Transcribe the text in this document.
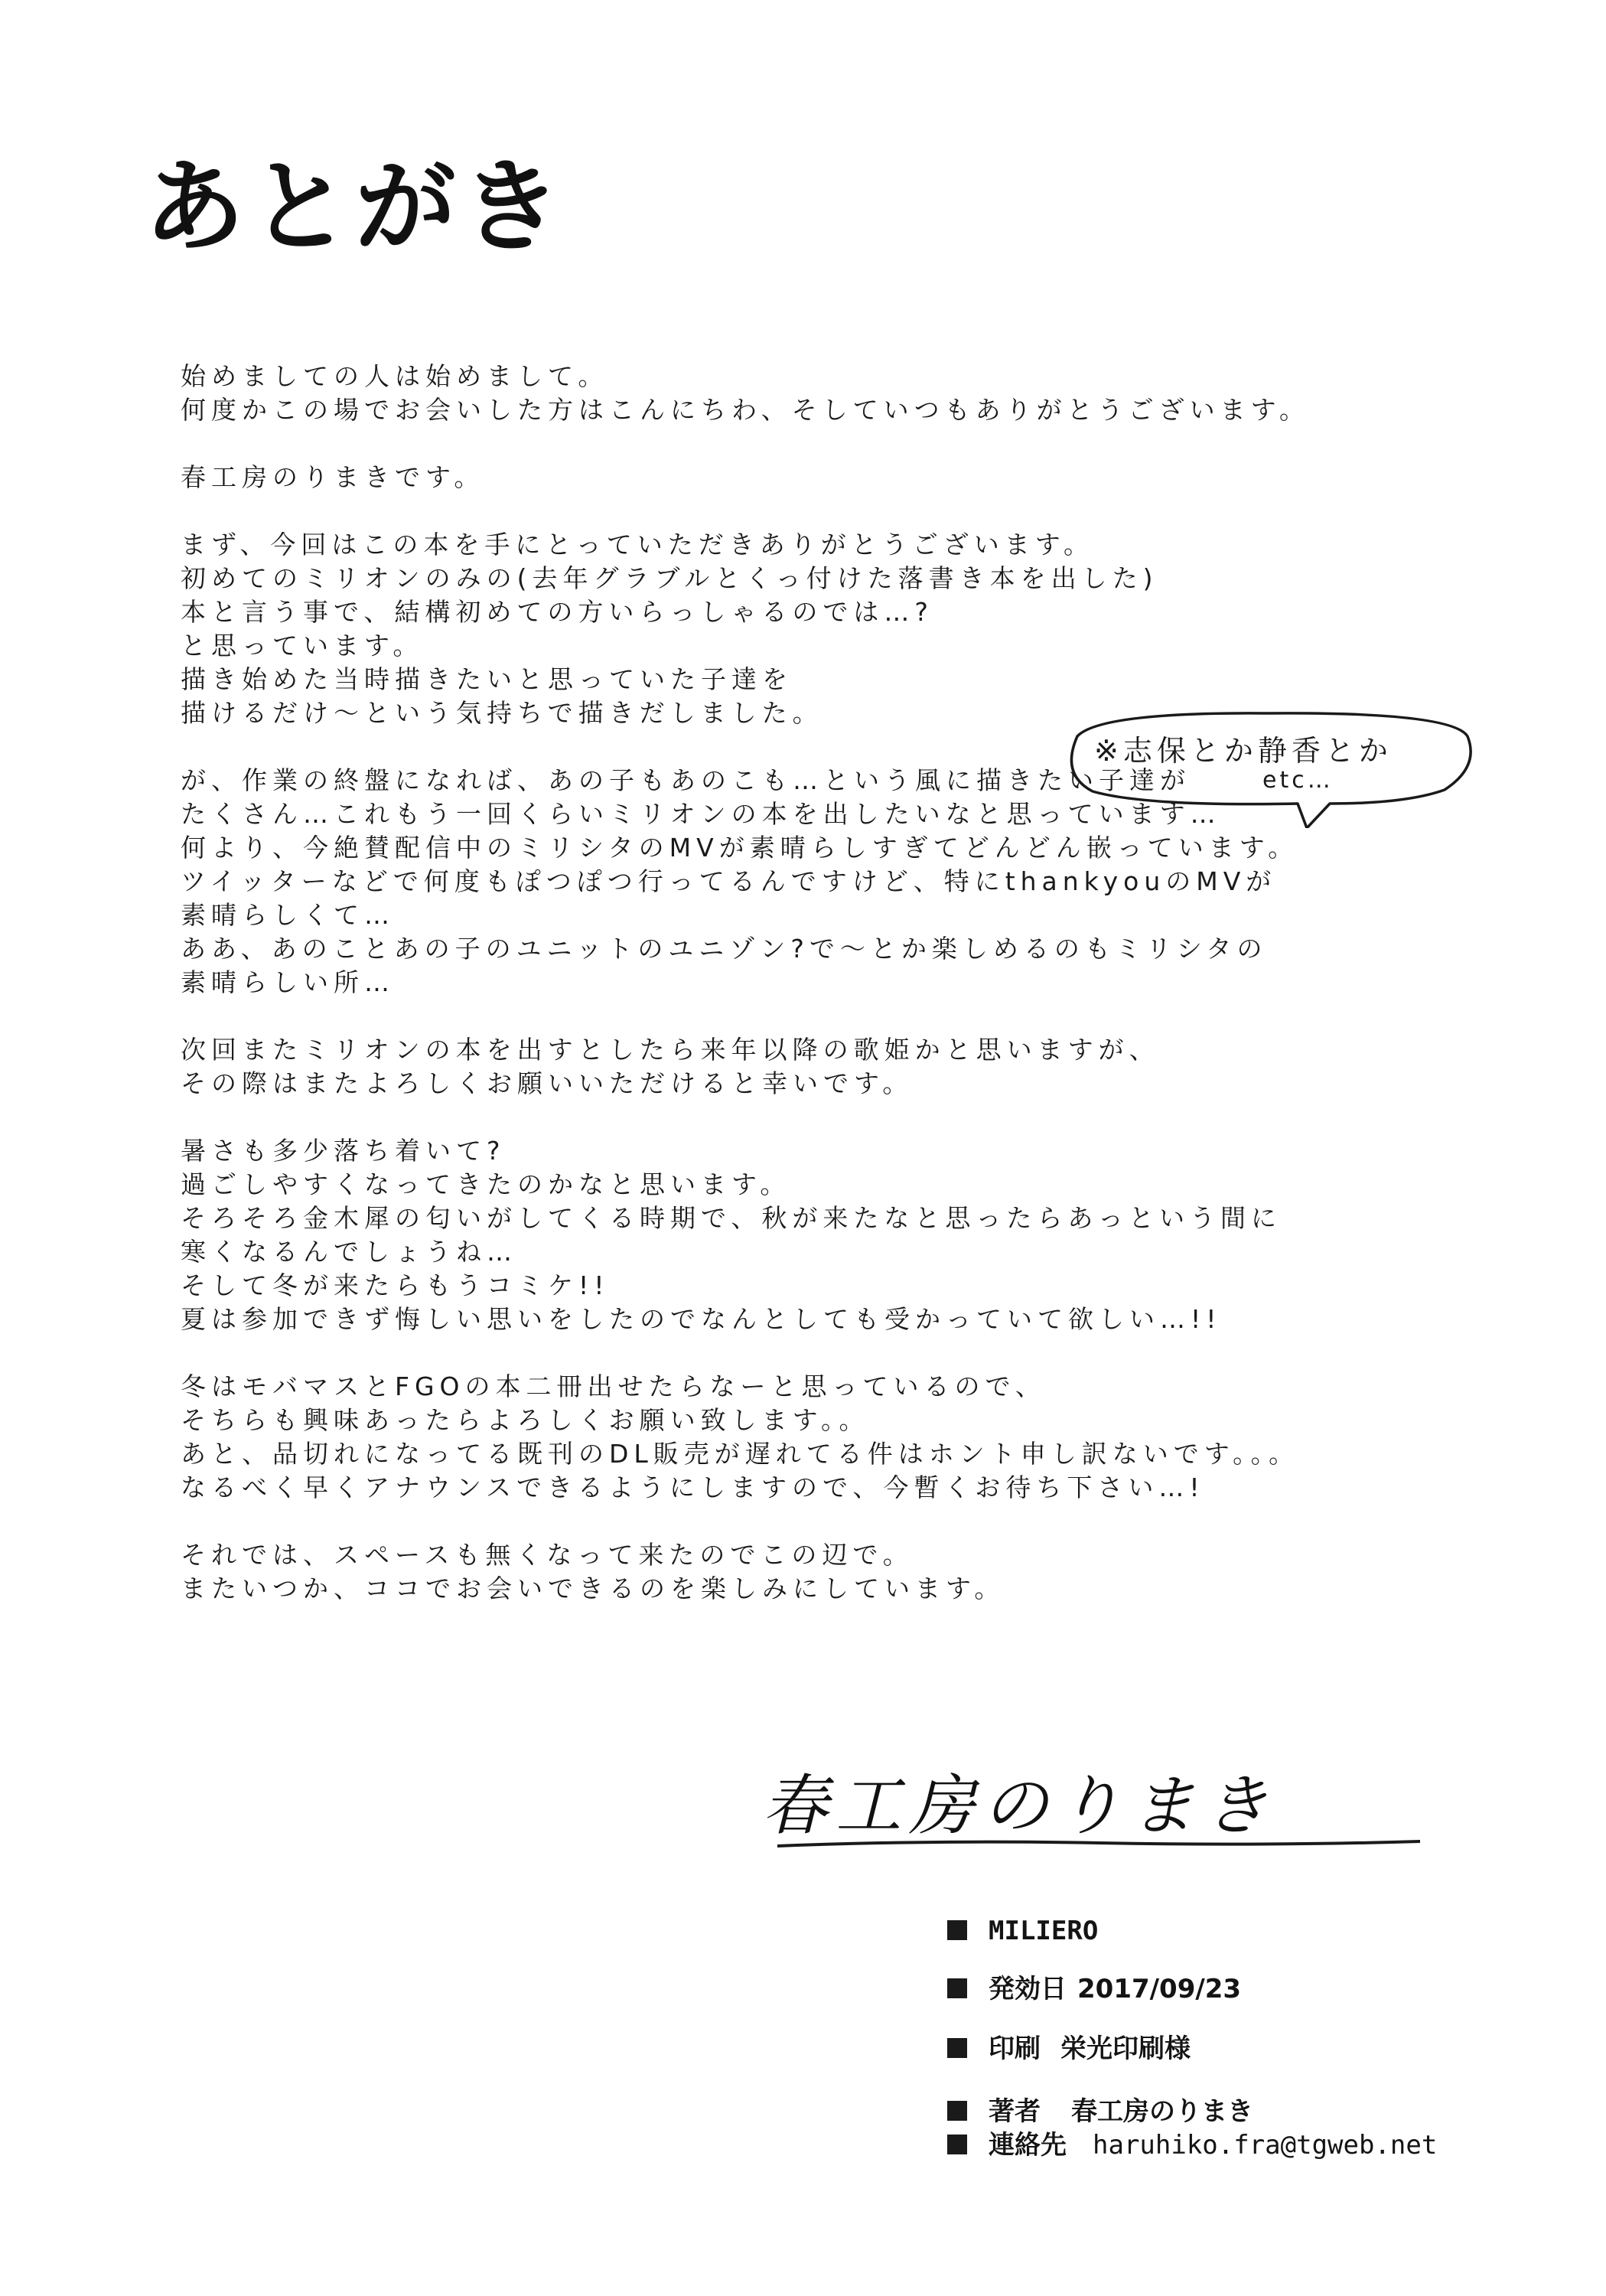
あとがき
始めましての人は始めまして。
何度かこの場でお会いした方はこんにちわ、そしていつもありがとうございます。
春工房のりまきです。
まず、今回はこの本を手にとっていただきありがとうございます。
初めてのミリオンのみの(去年グラブルとくっ付けた落書き本を出した)
本と言う事で、結構初めての方いらっしゃるのでは…?
と思っています。
描き始めた当時描きたいと思っていた子達を
描けるだけ〜という気持ちで描きだしました。
が、作業の終盤になれば、あの子もあのこも…という風に描きたい子達が
たくさん…これもう一回くらいミリオンの本を出したいなと思っています…
何より、今絶賛配信中のミリシタのMVが素晴らしすぎてどんどん嵌っています。
ツイッターなどで何度もぽつぽつ行ってるんですけど、特にthankyouのMVが
素晴らしくて…
ああ、あのことあの子のユニットのユニゾン?で〜とか楽しめるのもミリシタの
素晴らしい所…
次回またミリオンの本を出すとしたら来年以降の歌姫かと思いますが、
その際はまたよろしくお願いいただけると幸いです。
暑さも多少落ち着いて?
過ごしやすくなってきたのかなと思います。
そろそろ金木犀の匂いがしてくる時期で、秋が来たなと思ったらあっという間に
寒くなるんでしょうね…
そして冬が来たらもうコミケ!!
夏は参加できず悔しい思いをしたのでなんとしても受かっていて欲しい…!!
冬はモバマスとFGOの本二冊出せたらなーと思っているので、
そちらも興味あったらよろしくお願い致します。。
あと、品切れになってる既刊のDL販売が遅れてる件はホント申し訳ないです。。。
なるべく早くアナウンスできるようにしますので、今暫くお待ち下さい…!
それでは、スペースも無くなって来たのでこの辺で。
またいつか、ココでお会いできるのを楽しみにしています。
※志保とか静香とか
etc…
春工房のりまき
MILIERO
発効日 2017/09/23
印刷 栄光印刷様
著者 春工房のりまき
連絡先 haruhiko.fra@tgweb.net
